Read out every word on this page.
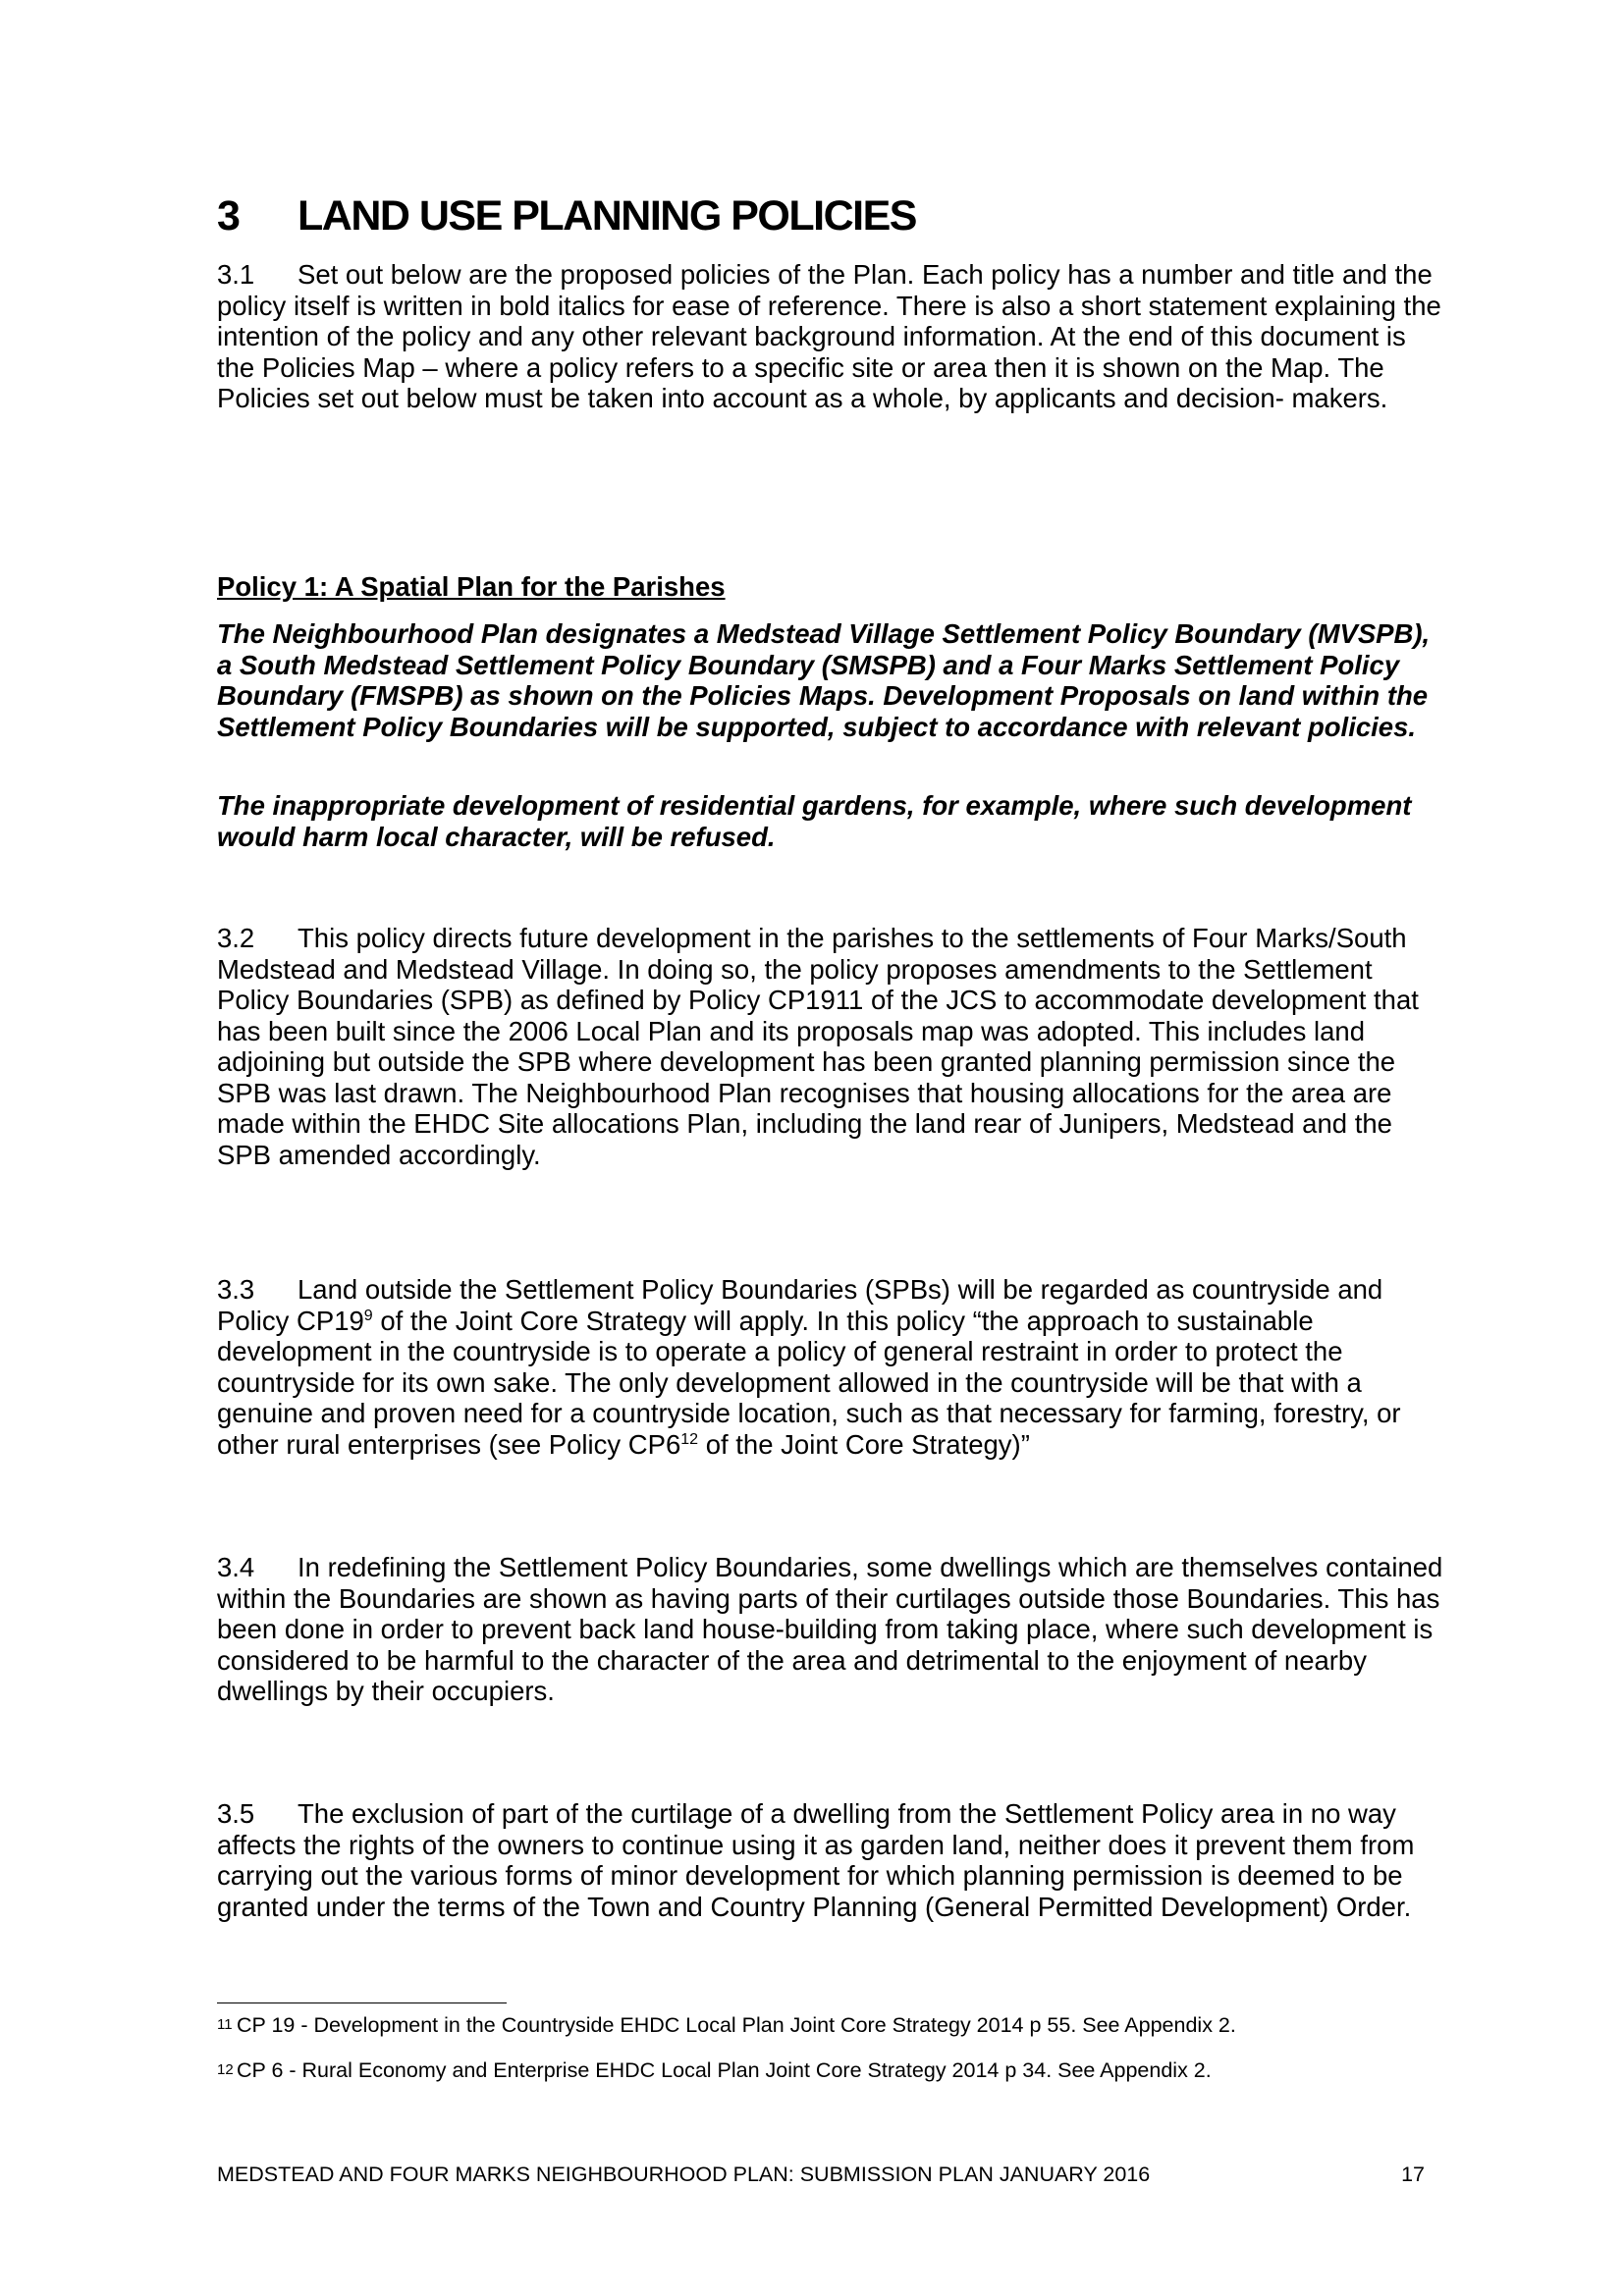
3 LAND USE PLANNING POLICIES

3.1 Set out below are the proposed policies of the Plan. Each policy has a number and title and the policy itself is written in bold italics for ease of reference. There is also a short statement explaining the intention of the policy and any other relevant background information. At the end of this document is the Policies Map – where a policy refers to a specific site or area then it is shown on the Map. The Policies set out below must be taken into account as a whole, by applicants and decision- makers.

Policy 1: A Spatial Plan for the Parishes

The Neighbourhood Plan designates a Medstead Village Settlement Policy Boundary (MVSPB), a South Medstead Settlement Policy Boundary (SMSPB) and a Four Marks Settlement Policy Boundary (FMSPB) as shown on the Policies Maps. Development Proposals on land within the Settlement Policy Boundaries will be supported, subject to accordance with relevant policies.

The inappropriate development of residential gardens, for example, where such development would harm local character, will be refused.

3.2 This policy directs future development in the parishes to the settlements of Four Marks/South Medstead and Medstead Village. In doing so, the policy proposes amendments to the Settlement Policy Boundaries (SPB) as defined by Policy CP1911 of the JCS to accommodate development that has been built since the 2006 Local Plan and its proposals map was adopted. This includes land adjoining but outside the SPB where development has been granted planning permission since the SPB was last drawn. The Neighbourhood Plan recognises that housing allocations for the area are made within the EHDC Site allocations Plan, including the land rear of Junipers, Medstead and the SPB amended accordingly.

3.3 Land outside the Settlement Policy Boundaries (SPBs) will be regarded as countryside and Policy $CP19^9$ of the Joint Core Strategy will apply. In this policy “the approach to sustainable development in the countryside is to operate a policy of general restraint in order to protect the countryside for its own sake. The only development allowed in the countryside will be that with a genuine and proven need for a countryside location, such as that necessary for farming, forestry, or other rural enterprises (see Policy $CP6^{12}$ of the Joint Core Strategy)”

3.4 In redefining the Settlement Policy Boundaries, some dwellings which are themselves contained within the Boundaries are shown as having parts of their curtilages outside those Boundaries. This has been done in order to prevent back land house-building from taking place, where such development is considered to be harmful to the character of the area and detrimental to the enjoyment of nearby dwellings by their occupiers.

3.5 The exclusion of part of the curtilage of a dwelling from the Settlement Policy area in no way affects the rights of the owners to continue using it as garden land, neither does it prevent them from carrying out the various forms of minor development for which planning permission is deemed to be granted under the terms of the Town and Country Planning (General Permitted Development) Order.

11 CP 19 - Development in the Countryside EHDC Local Plan Joint Core Strategy 2014 p 55. See Appendix 2.

12 CP 6 - Rural Economy and Enterprise EHDC Local Plan Joint Core Strategy 2014 p 34. See Appendix 2.

MEDSTEAD AND FOUR MARKS NEIGHBOURHOOD PLAN: SUBMISSION PLAN JANUARY 2016	17
